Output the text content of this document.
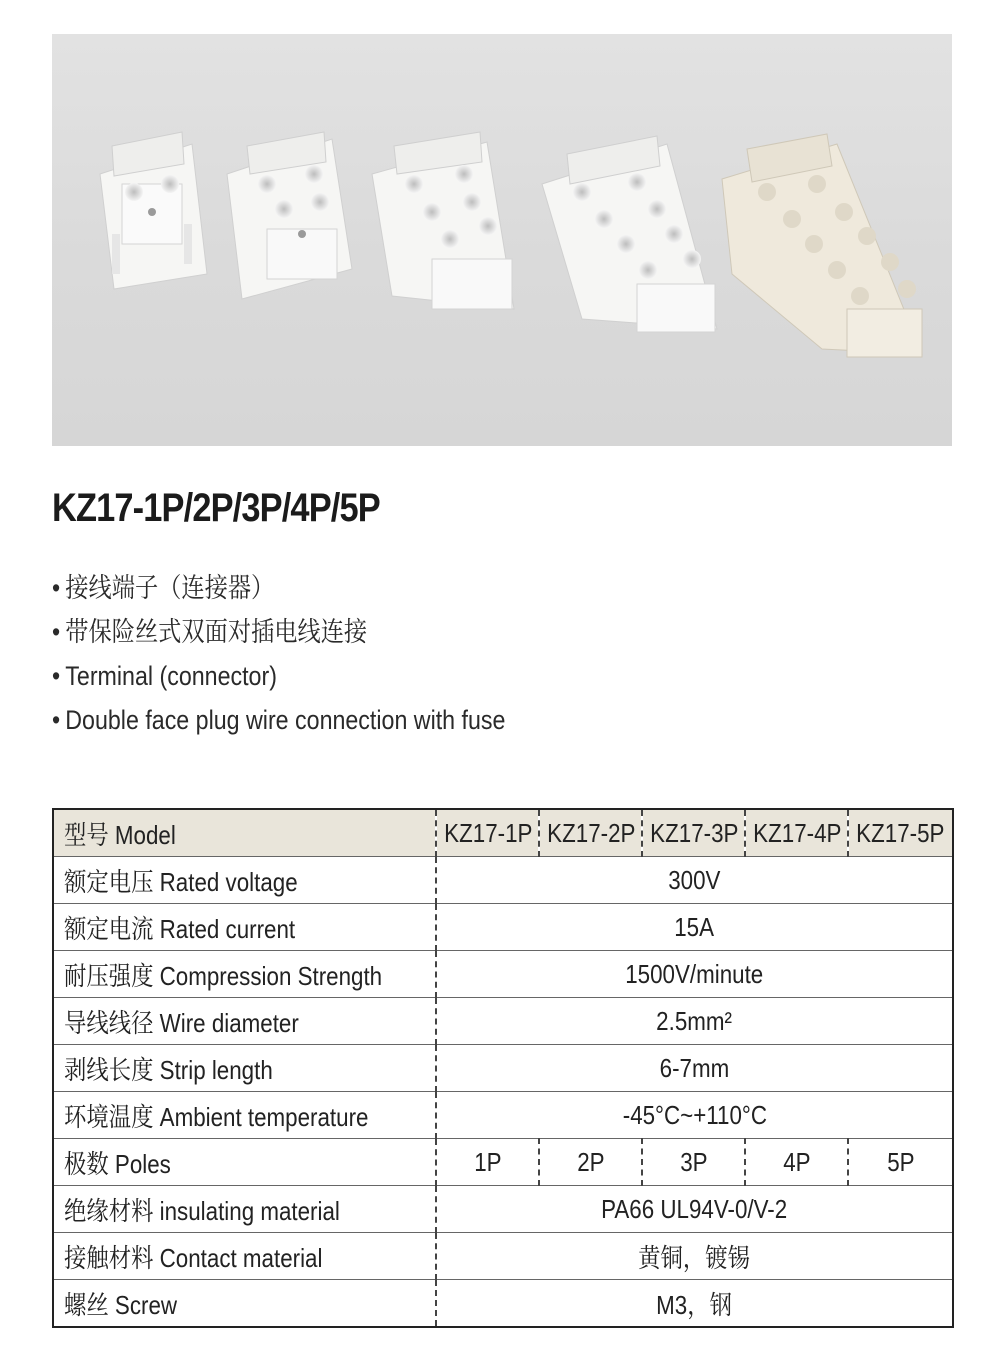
KZ17-1P/2P/3P/4P/5P
• 接线端子（连接器）
• 带保险丝式双面对插电线连接
• Terminal (connector)
• Double face plug wire connection with fuse
型号 Model	KZ17-1P	KZ17-2P	KZ17-3P	KZ17-4P	KZ17-5P
额定电压 Rated voltage	300V				
额定电流 Rated current	15A				
耐压强度 Compression Strength	1500V/minute				
导线线径 Wire diameter	2.5mm²				
剥线长度 Strip length	6-7mm				
环境温度 Ambient temperature	-45°C~+110°C				
极数 Poles	1P	2P	3P	4P	5P
绝缘材料 insulating material	PA66 UL94V-0/V-2				
接触材料 Contact material	黄铜，镀锡				
螺丝 Screw	M3，钢				
